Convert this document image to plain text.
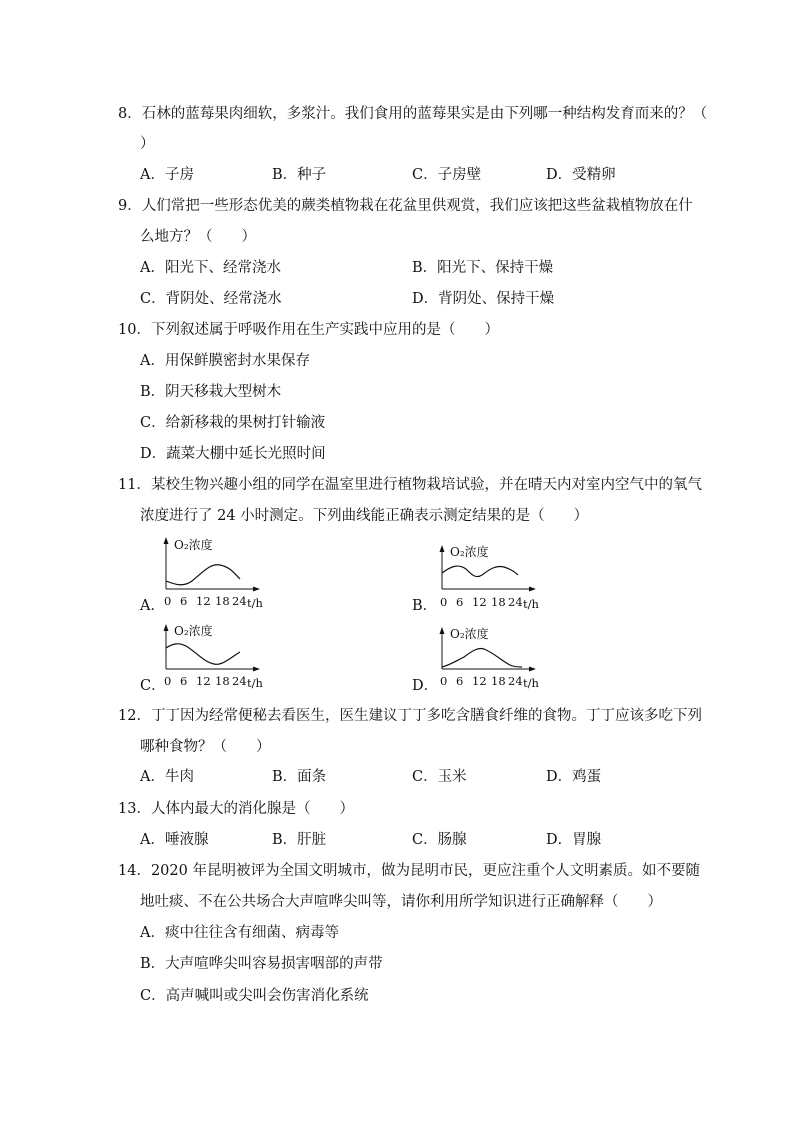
8．石林的蓝莓果肉细软，多浆汁。我们食用的蓝莓果实是由下列哪一种结构发育而来的？（
）
A．子房	B．种子	C．子房壁	D．受精卵
9．人们常把一些形态优美的蕨类植物栽在花盆里供观赏，我们应该把这些盆栽植物放在什
么地方？（　　）
A．阳光下、经常浇水	B．阳光下、保持干燥
C．背阴处、经常浇水	D．背阴处、保持干燥
10．下列叙述属于呼吸作用在生产实践中应用的是（　　）
A．用保鲜膜密封水果保存
B．阴天移栽大型树木
C．给新移栽的果树打针输液
D．蔬菜大棚中延长光照时间
11．某校生物兴趣小组的同学在温室里进行植物栽培试验，并在晴天内对室内空气中的氧气
浓度进行了 24 小时测定。下列曲线能正确表示测定结果的是（　　）
A．	B．
C．	D．
O₂浓度
0 6 12 18 24 t/h
O₂浓度
0 6 12 18 24 t/h
O₂浓度
0 6 12 18 24 t/h
O₂浓度
0 6 12 18 24 t/h
12．丁丁因为经常便秘去看医生，医生建议丁丁多吃含膳食纤维的食物。丁丁应该多吃下列
哪种食物？（　　）
A．牛肉	B．面条	C．玉米	D．鸡蛋
13．人体内最大的消化腺是（　　）
A．唾液腺	B．肝脏	C．肠腺	D．胃腺
14．2020 年昆明被评为全国文明城市，做为昆明市民，更应注重个人文明素质。如不要随
地吐痰、不在公共场合大声喧哗尖叫等，请你利用所学知识进行正确解释（　　）
A．痰中往往含有细菌、病毒等
B．大声喧哗尖叫容易损害咽部的声带
C．高声喊叫或尖叫会伤害消化系统
